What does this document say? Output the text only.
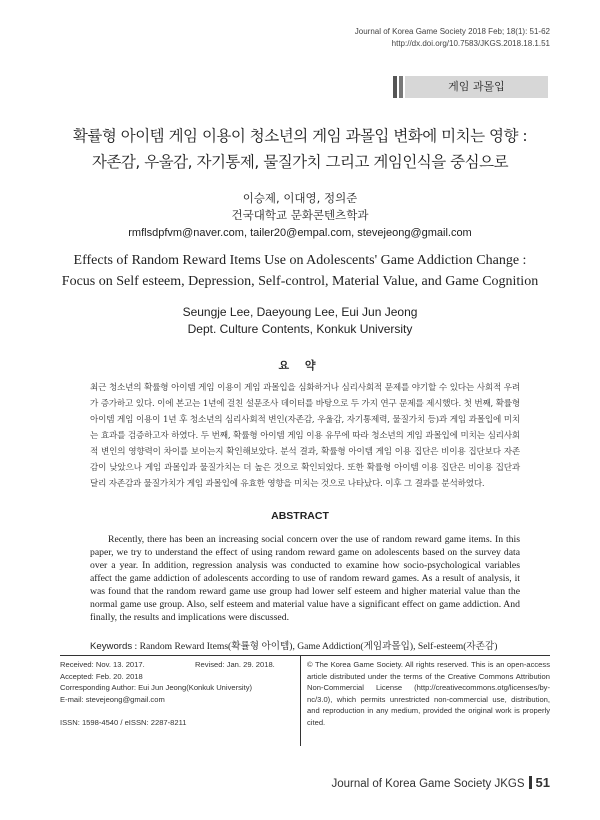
Journal of Korea Game Society 2018 Feb; 18(1): 51-62
http://dx.doi.org/10.7583/JKGS.2018.18.1.51
게임 과몰입
확률형 아이템 게임 이용이 청소년의 게임 과몰입 변화에 미치는 영향 :
자존감, 우울감, 자기통제, 물질가치 그리고 게임인식을 중심으로
이승제, 이대영, 정의준
건국대학교 문화콘텐츠학과
rmflsdpfvm@naver.com, tailer20@empal.com, stevejeong@gmail.com
Effects of Random Reward Items Use on Adolescents' Game Addiction Change :
Focus on Self esteem, Depression, Self-control, Material Value, and Game Cognition
Seungje Lee, Daeyoung Lee, Eui Jun Jeong
Dept. Culture Contents, Konkuk University
요 약
최근 청소년의 확률형 아이템 게임 이용이 게임 과몰입을 심화하거나 심리사회적 문제를 야기할 수 있다는 사회적 우려가 증가하고 있다. 이에 본고는 1년에 걸친 설문조사 데이터를 바탕으로 두 가지 연구 문제를 제시했다. 첫 번째, 확률형 아이템 게임 이용이 1년 후 청소년의 심리사회적 변인(자존감, 우울감, 자기통제력, 물질가치 등)과 게임 과몰입에 미치는 효과를 검증하고자 하였다. 두 번째, 확률형 아이템 게임 이용 유무에 따라 청소년의 게임 과몰입에 미치는 심리사회적 변인의 영향력이 차이를 보이는지 확인해보았다. 분석 결과, 확률형 아이템 게임 이용 집단은 비이용 집단보다 자존감이 낮았으나 게임 과몰입과 물질가치는 더 높은 것으로 확인되었다. 또한 확률형 아이템 이용 집단은 비이용 집단과 달리 자존감과 물질가치가 게임 과몰입에 유효한 영향을 미치는 것으로 나타났다. 이후 그 결과를 분석하였다.
ABSTRACT

Recently, there has been an increasing social concern over the use of random reward game items. In this paper, we try to understand the effect of using random reward game on adolescents based on the survey data over a year. In addition, regression analysis was conducted to examine how socio-psychological variables affect the game addiction of adolescents according to use of random reward games. As a result of analysis, it was found that the random reward game use group had lower self esteem and higher material value than the normal game use group. Also, self esteem and material value have a significant effect on game addiction. And finally, the results and implications were discussed.

Keywords : Random Reward Items(확률형 아이템), Game Addiction(게임과몰입), Self-esteem(자존감)
Received: Nov. 13. 2017.	Revised: Jan. 29. 2018.
Accepted: Feb. 20. 2018
Corresponding Author: Eui Jun Jeong(Konkuk University)
E-mail: stevejeong@gmail.com
ISSN: 1598-4540 / eISSN: 2287-8211
© The Korea Game Society. All rights reserved. This is an open-access article distributed under the terms of the Creative Commons Attribution Non-Commercial License (http://creativecommons.otg/licenses/by-nc/3.0), which permits unrestricted non-commercial use, distribution, and reproduction in any medium, provided the original work is properly cited.
Journal of Korea Game Society JKGS 51
